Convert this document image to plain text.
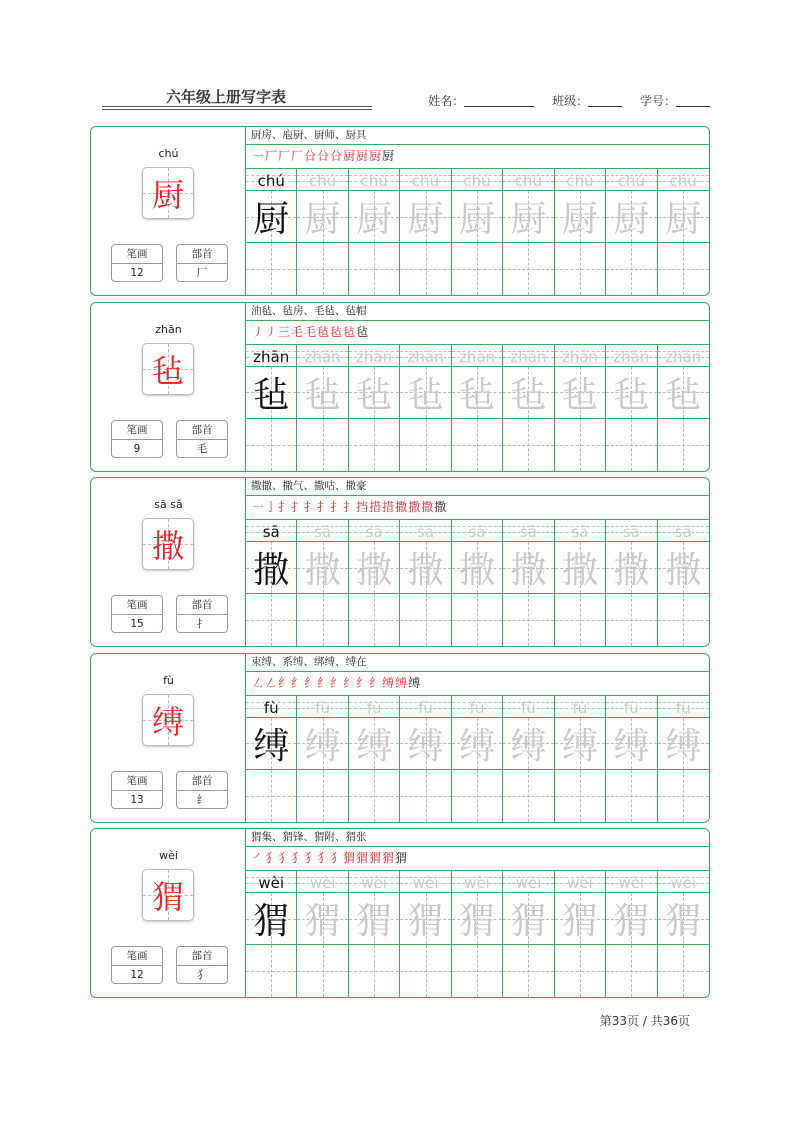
六年级上册写字表	姓名：	班级：	学号：
chú
厨
笔画
12
部首
厂
厨房、庖厨、厨师、厨具
㇐厂厂厂㕣㕣㕣厨厨厨厨
chú
厨
chú
厨
chú
厨
chú
厨
chú
厨
chú
厨
chú
厨
chú
厨
chú
厨
zhān
毡
笔画
9
部首
毛
油毡、毡房、毛毡、毡帽
㇓㇓三毛毛毡毡毡毡
zhān
毡
zhān
毡
zhān
毡
zhān
毡
zhān
毡
zhān
毡
zhān
毡
zhān
毡
zhān
毡
sā sǎ
撒
笔画
15
部首
扌
撒撒、撒气、撒咕、撒豪
㇐亅扌扌扌扌扌扌挡措措撒撒撒撒
sā
撒
sā
撒
sā
撒
sā
撒
sā
撒
sā
撒
sā
撒
sā
撒
sā
撒
fù
缚
笔画
13
部首
纟
束缚、系缚、绑缚、缚在
㇜㇜纟纟纟纟纟纟纟纟缚缚缚
fù
缚
fù
缚
fù
缚
fù
缚
fù
缚
fù
缚
fù
缚
fù
缚
fù
缚
wèi
猬
笔画
12
部首
犭
猬集、猬锋、猬附、猬张
㇒犭犭犭犭犭犭猬猬猬猬猬
wèi
猬
wèi
猬
wèi
猬
wèi
猬
wèi
猬
wèi
猬
wèi
猬
wèi
猬
wèi
猬
第33页 / 共36页
